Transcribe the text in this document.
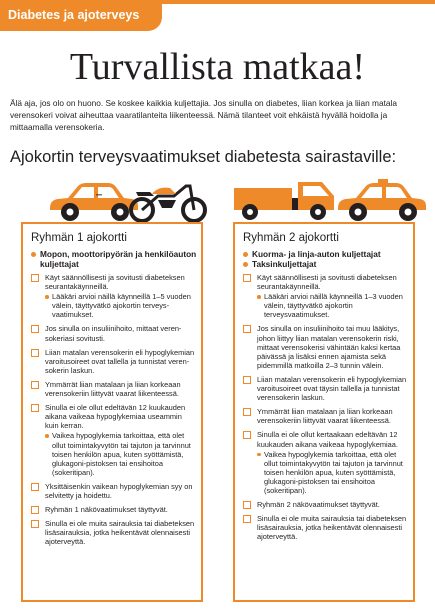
Diabetes ja ajoterveys
Turvallista matkaa!
Älä aja, jos olo on huono. Se koskee kaikkia kuljettajia. Jos sinulla on diabetes, liian korkea ja liian matala verensokeri voivat aiheuttaa vaaratilanteita liikenteessä. Nämä tilanteet voit ehkäistä hyvällä hoidolla ja mittaamalla verensokeria.
Ajokortin terveysvaatimukset diabetesta sairastaville:
Ryhmän 1 ajokortti
Mopon, moottoripyörän ja henkilöauton kuljettajat
Käyt säännöllisesti ja sovitusti diabeteksen seurantakäynneillä.
Lääkäri arvioi näillä käynneillä 1–5 vuoden välein, täyttyvätkö ajokortin terveys-vaatimukset.
Jos sinulla on insuliinihoito, mittaat veren-sokeriasi sovitusti.
Liian matalan verensokerin eli hypoglykemian varoitusoireet ovat tallella ja tunnistat veren-sokerin laskun.
Ymmärrät liian matalaan ja liian korkeaan verensokeriin liittyvät vaarat liikenteessä.
Sinulla ei ole ollut edeltävän 12 kuukauden aikana vaikeaa hypoglykemiaa useammin kuin kerran.
Vaikea hypoglykemia tarkoittaa, että olet ollut toimintakyvytön tai tajuton ja tarvinnut toisen henkilön apua, kuten syöttämistä, glukagoni-pistoksen tai ensihoitoa (sokeritipan).
Yksittäisenkin vaikean hypoglykemian syy on selvitetty ja hoidettu.
Ryhmän 1 näkövaatimukset täyttyvät.
Sinulla ei ole muita sairauksia tai diabeteksen lisäsairauksia, jotka heikentävät olennaisesti ajoterveyttä.
Ryhmän 2 ajokortti
Kuorma- ja linja-auton kuljettajat
Taksinkuljettajat
Käyt säännöllisesti ja sovitusti diabeteksen seurantakäynneillä.
Lääkäri arvioi näillä käynneillä 1–3 vuoden välein, täyttyvätkö ajokortin terveysvaatimukset.
Jos sinulla on insuliinihoito tai muu lääkitys, johon liittyy liian matalan verensokerin riski, mittaat verensokerisi vähintään kaksi kertaa päivässä ja lisäksi ennen ajamista sekä pidemmillä matkoilla 2–3 tunnin välein.
Liian matalan verensokerin eli hypoglykemian varoitusoireet ovat täysin tallella ja tunnistat verensokerin laskun.
Ymmärrät liian matalaan ja liian korkeaan verensokeriin liittyvät vaarat liikenteessä.
Sinulla ei ole ollut kertaakaan edeltävän 12 kuukauden aikana vaikeaa hypoglykemiaa.
Vaikea hypoglykemia tarkoittaa, että olet ollut toimintakyvytön tai tajuton ja tarvinnut toisen henkilön apua, kuten syöttämistä, glukagoni-pistoksen tai ensihoitoa (sokeritipan).
Ryhmän 2 näkövaatimukset täyttyvät.
Sinulla ei ole muita sairauksia tai diabeteksen lisäsairauksia, jotka heikentävät olennaisesti ajoterveyttä.
